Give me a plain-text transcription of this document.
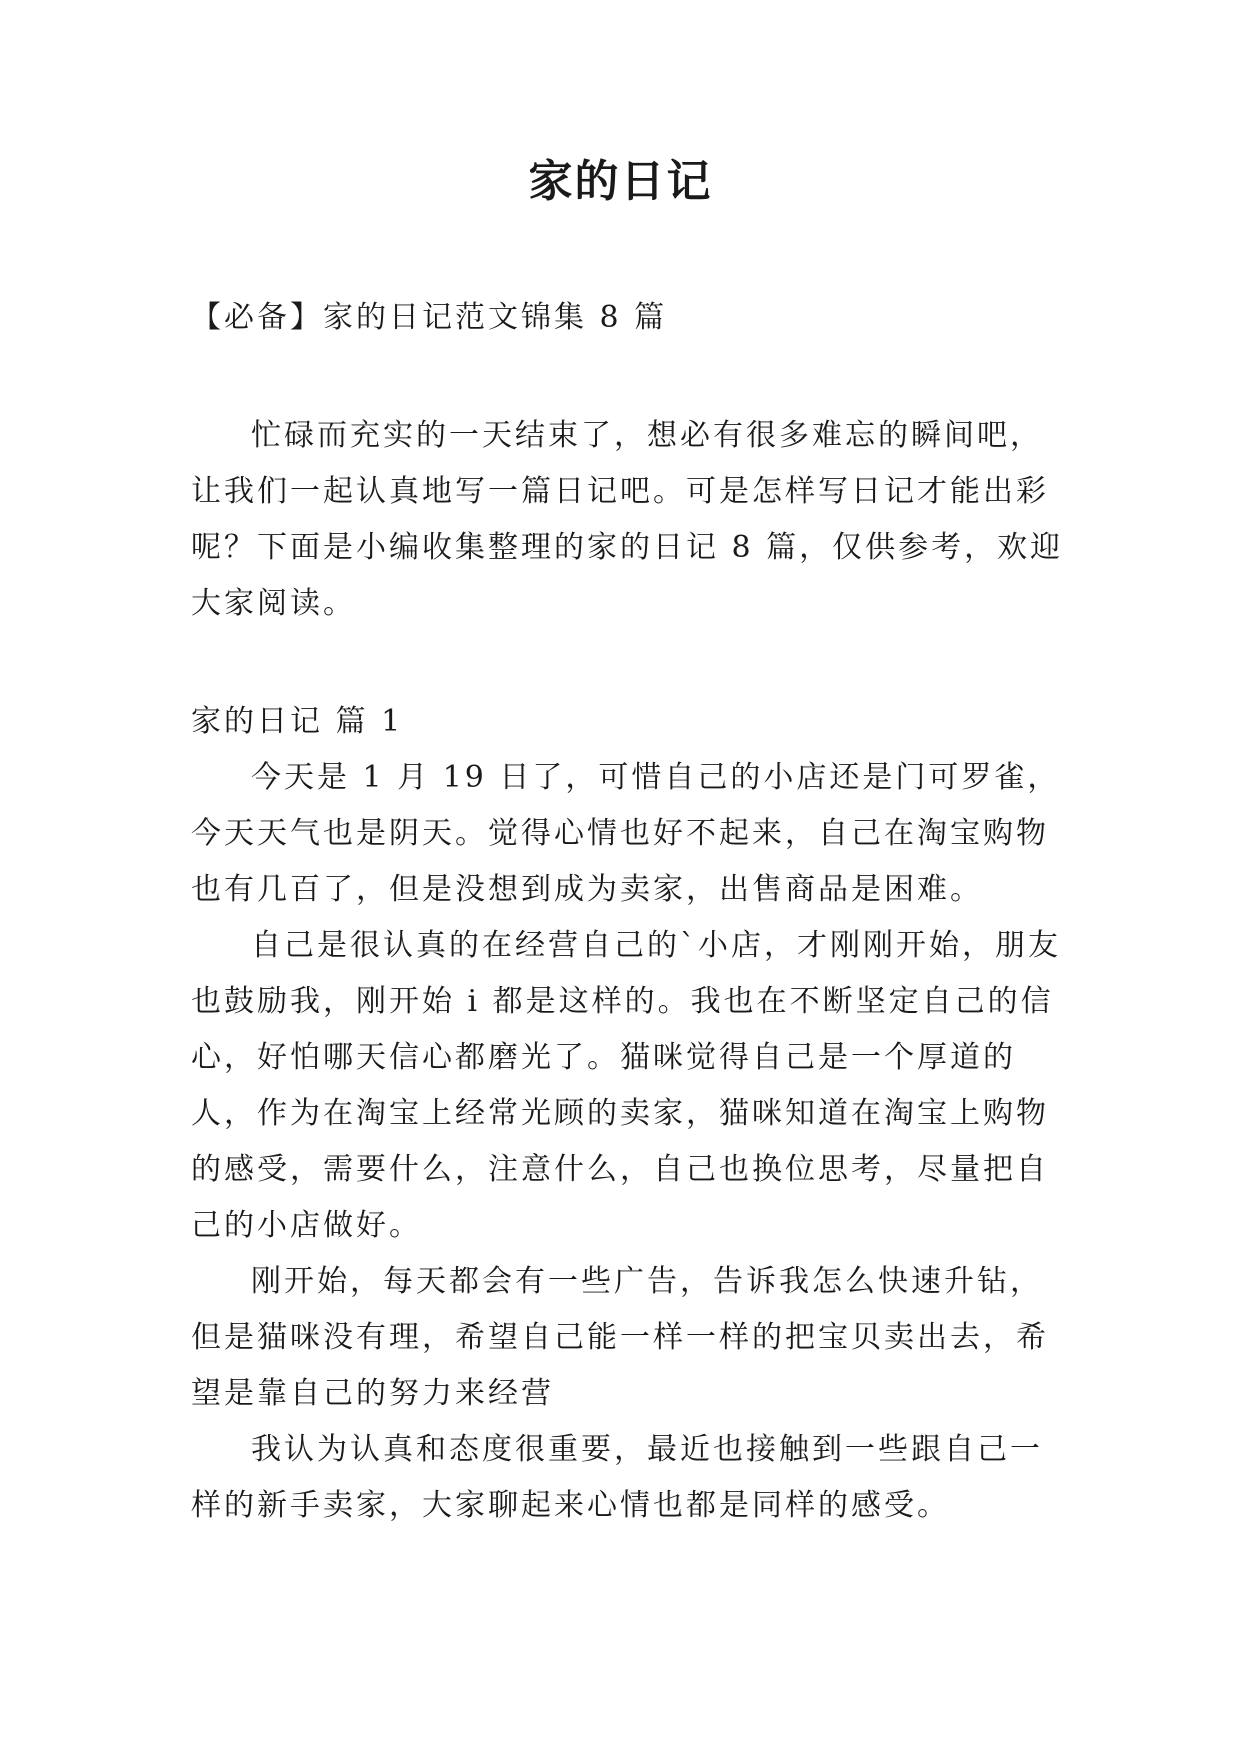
家的日记

【必备】家的日记范文锦集 8 篇

忙碌而充实的一天结束了，想必有很多难忘的瞬间吧，让我们一起认真地写一篇日记吧。可是怎样写日记才能出彩呢？下面是小编收集整理的家的日记 8 篇，仅供参考，欢迎大家阅读。

家的日记 篇 1

今天是 1 月 19 日了，可惜自己的小店还是门可罗雀，今天天气也是阴天。觉得心情也好不起来，自己在淘宝购物也有几百了，但是没想到成为卖家，出售商品是困难。

自己是很认真的在经营自己的`小店，才刚刚开始，朋友也鼓励我，刚开始 i 都是这样的。我也在不断坚定自己的信心，好怕哪天信心都磨光了。猫咪觉得自己是一个厚道的人，作为在淘宝上经常光顾的卖家，猫咪知道在淘宝上购物的感受，需要什么，注意什么，自己也换位思考，尽量把自己的小店做好。

刚开始，每天都会有一些广告，告诉我怎么快速升钻，但是猫咪没有理，希望自己能一样一样的把宝贝卖出去，希望是靠自己的努力来经营

我认为认真和态度很重要，最近也接触到一些跟自己一样的新手卖家，大家聊起来心情也都是同样的感受。
